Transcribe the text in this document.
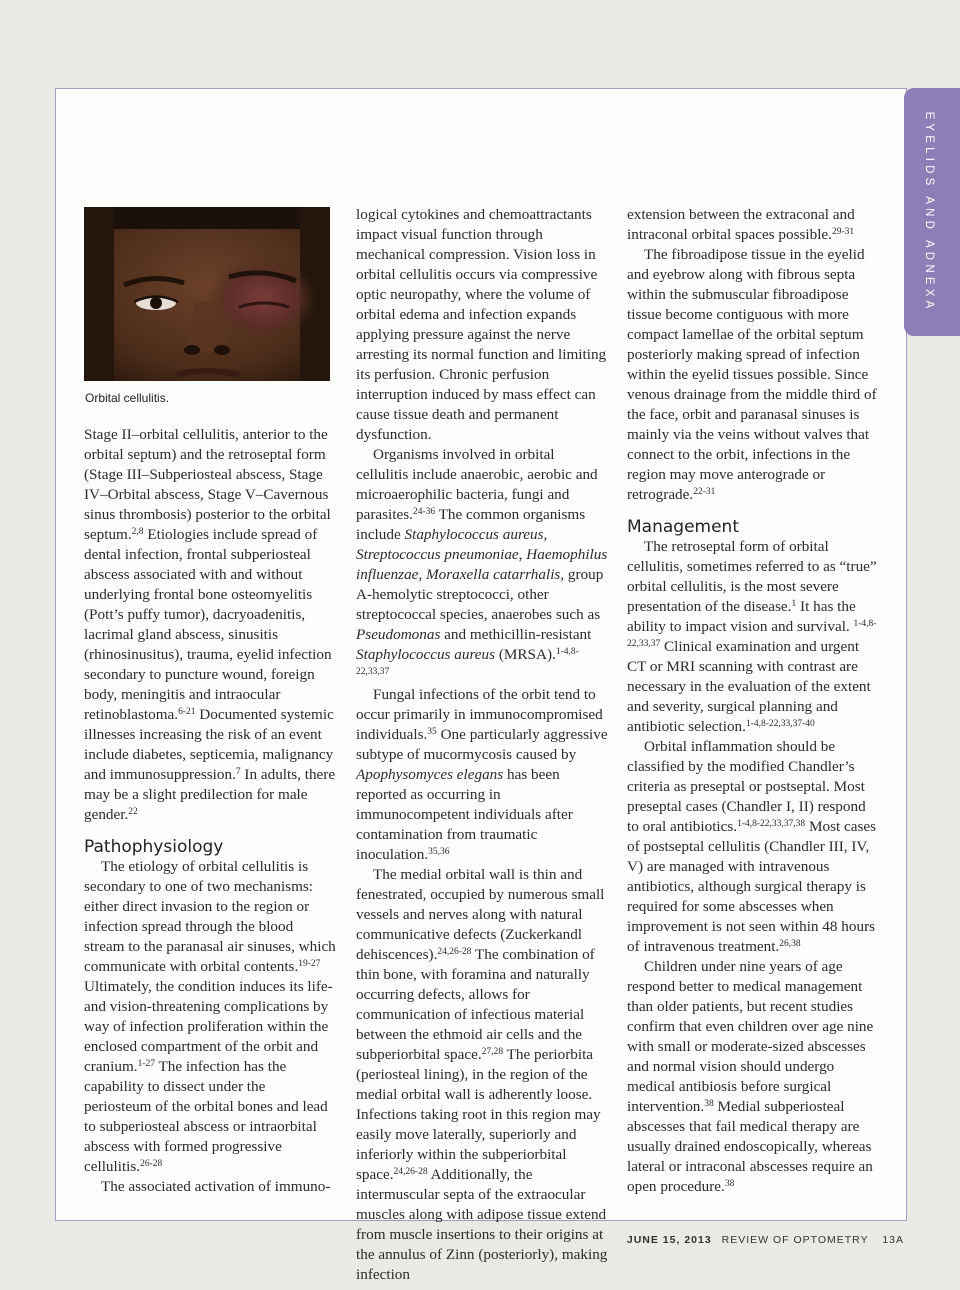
EYELIDS AND ADNEXA
Orbital cellulitis.

Stage II–orbital cellulitis, anterior to the orbital septum) and the retroseptal form (Stage III–Subperiosteal abscess, Stage IV–Orbital abscess, Stage V–Cavernous sinus thrombosis) posterior to the orbital septum.$^{2,8}$ Etiologies include spread of dental infection, frontal subperiosteal abscess associated with and without underlying frontal bone osteomyelitis (Pott’s puffy tumor), dacryoadenitis, lacrimal gland abscess, sinusitis (rhinosinusitus), trauma, eyelid infection secondary to puncture wound, foreign body, meningitis and intraocular retinoblastoma.$^{6-21}$ Documented systemic illnesses increasing the risk of an event include diabetes, septicemia, malignancy and immunosuppression.$^7$ In adults, there may be a slight predilection for male gender.$^{22}$

Pathophysiology

The etiology of orbital cellulitis is secondary to one of two mechanisms: either direct invasion to the region or infection spread through the blood stream to the paranasal air sinuses, which communicate with orbital contents.$^{19-27}$ Ultimately, the condition induces its life- and vision-threatening complications by way of infection proliferation within the enclosed compartment of the orbit and cranium.$^{1-27}$ The infection has the capability to dissect under the periosteum of the orbital bones and lead to subperiosteal abscess or intraorbital abscess with formed progressive cellulitis.$^{26-28}$

The associated activation of immuno-

logical cytokines and chemoattractants impact visual function through mechanical compression. Vision loss in orbital cellulitis occurs via compressive optic neuropathy, where the volume of orbital edema and infection expands applying pressure against the nerve arresting its normal function and limiting its perfusion. Chronic perfusion interruption induced by mass effect can cause tissue death and permanent dysfunction.

Organisms involved in orbital cellulitis include anaerobic, aerobic and microaerophilic bacteria, fungi and parasites.$^{24-36}$ The common organisms include Staphylococcus aureus, Streptococcus pneumoniae, Haemophilus influenzae, Moraxella catarrhalis, group A-hemolytic streptococci, other streptococcal species, anaerobes such as Pseudomonas and methicillin-resistant Staphylococcus aureus (MRSA).$^{1-4,8-22,33,37}$

Fungal infections of the orbit tend to occur primarily in immunocompromised individuals.$^{35}$ One particularly aggressive subtype of mucormycosis caused by Apophysomyces elegans has been reported as occurring in immunocompetent individuals after contamination from traumatic inoculation.$^{35,36}$

The medial orbital wall is thin and fenestrated, occupied by numerous small vessels and nerves along with natural communicative defects (Zuckerkandl dehiscences).$^{24,26-28}$ The combination of thin bone, with foramina and naturally occurring defects, allows for communication of infectious material between the ethmoid air cells and the subperiorbital space.$^{27,28}$ The periorbita (periosteal lining), in the region of the medial orbital wall is adherently loose. Infections taking root in this region may easily move laterally, superiorly and inferiorly within the subperiorbital space.$^{24,26-28}$ Additionally, the intermuscular septa of the extraocular muscles along with adipose tissue extend from muscle insertions to their origins at the annulus of Zinn (posteriorly), making infection

extension between the extraconal and intraconal orbital spaces possible.$^{29-31}$

The fibroadipose tissue in the eyelid and eyebrow along with fibrous septa within the submuscular fibroadipose tissue become contiguous with more compact lamellae of the orbital septum posteriorly making spread of infection within the eyelid tissues possible. Since venous drainage from the middle third of the face, orbit and paranasal sinuses is mainly via the veins without valves that connect to the orbit, infections in the region may move anterograde or retrograde.$^{22-31}$

Management

The retroseptal form of orbital cellulitis, sometimes referred to as “true” orbital cellulitis, is the most severe presentation of the disease.$^1$ It has the ability to impact vision and survival. $^{1-4,8-22,33,37}$ Clinical examination and urgent CT or MRI scanning with contrast are necessary in the evaluation of the extent and severity, surgical planning and antibiotic selection.$^{1-4,8-22,33,37-40}$

Orbital inflammation should be classified by the modified Chandler’s criteria as preseptal or postseptal. Most preseptal cases (Chandler I, II) respond to oral antibiotics.$^{1-4,8-22,33,37,38}$ Most cases of postseptal cellulitis (Chandler III, IV, V) are managed with intravenous antibiotics, although surgical therapy is required for some abscesses when improvement is not seen within 48 hours of intravenous treatment.$^{26,38}$

Children under nine years of age respond better to medical management than older patients, but recent studies confirm that even children over age nine with small or moderate-sized abscesses and normal vision should undergo medical antibiosis before surgical intervention.$^{38}$ Medial subperiosteal abscesses that fail medical therapy are usually drained endoscopically, whereas lateral or intraconal abscesses require an open procedure.$^{38}$

JUNE 15, 2013 REVIEW OF OPTOMETRY 13A
